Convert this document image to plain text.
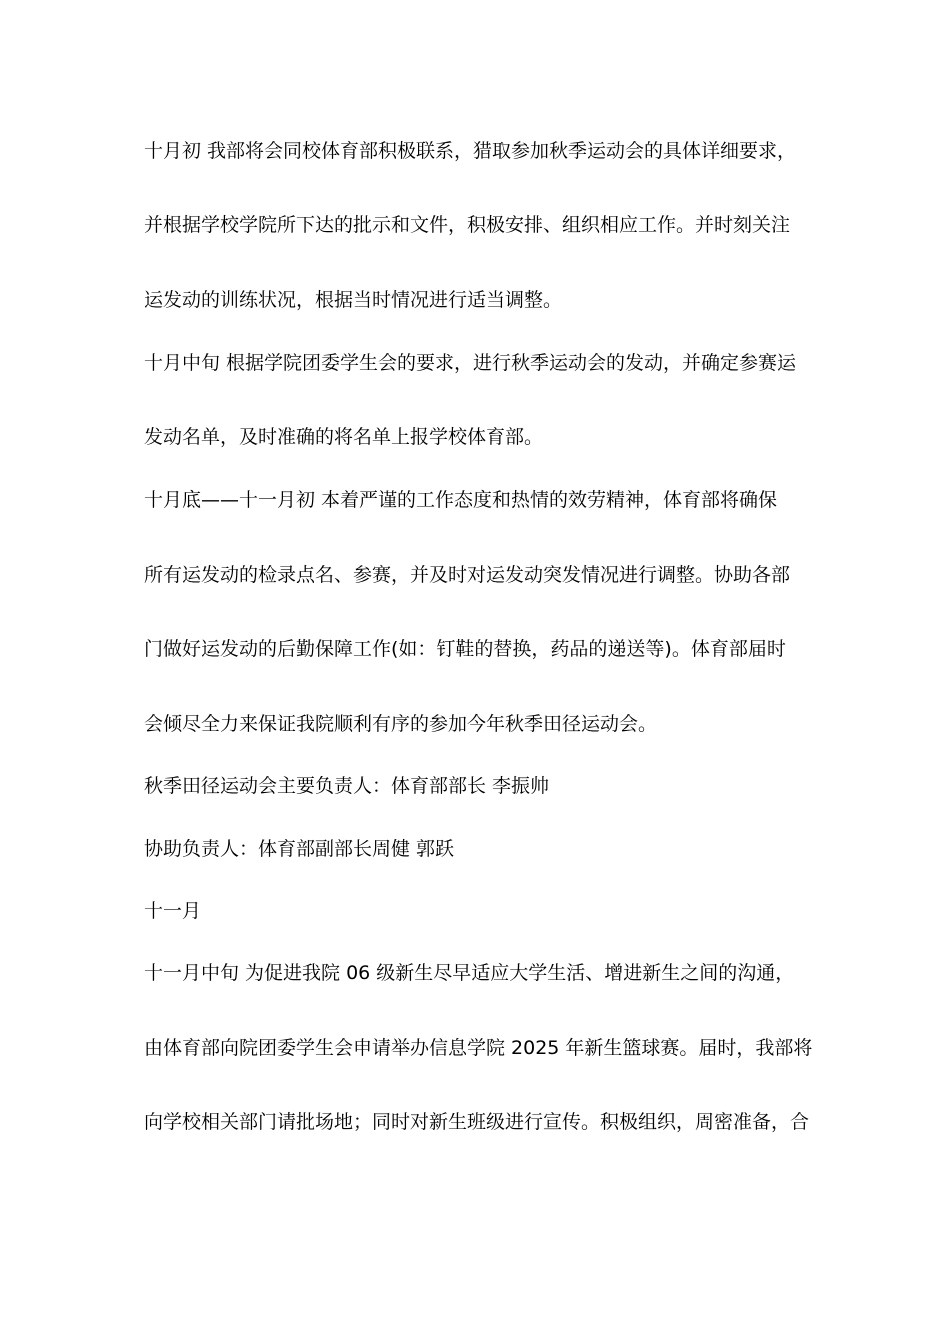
十月初 我部将会同校体育部积极联系，猎取参加秋季运动会的具体详细要求，
并根据学校学院所下达的批示和文件，积极安排、组织相应工作。并时刻关注
运发动的训练状况，根据当时情况进行适当调整。
十月中旬 根据学院团委学生会的要求，进行秋季运动会的发动，并确定参赛运
发动名单，及时准确的将名单上报学校体育部。
十月底——十一月初 本着严谨的工作态度和热情的效劳精神，体育部将确保
所有运发动的检录点名、参赛，并及时对运发动突发情况进行调整。协助各部
门做好运发动的后勤保障工作(如：钉鞋的替换，药品的递送等)。体育部届时
会倾尽全力来保证我院顺利有序的参加今年秋季田径运动会。
秋季田径运动会主要负责人：体育部部长 李振帅
协助负责人：体育部副部长周健 郭跃
十一月
十一月中旬 为促进我院 06 级新生尽早适应大学生活、增进新生之间的沟通，
由体育部向院团委学生会申请举办信息学院 2025 年新生篮球赛。届时，我部将
向学校相关部门请批场地；同时对新生班级进行宣传。积极组织，周密准备，合
